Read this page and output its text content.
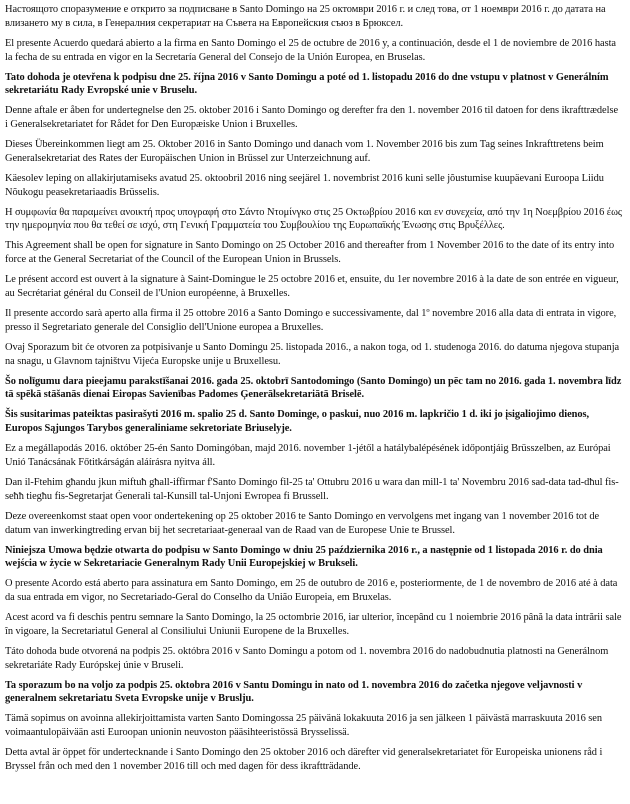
Настоящото споразумение е открито за подписване в Santo Domingo на 25 октомври 2016 г. и след това, от 1 ноември 2016 г. до датата на влизането му в сила, в Генералния секретариат на Съвета на Европейския съюз в Брюксел.

El presente Acuerdo quedará abierto a la firma en Santo Domingo el 25 de octubre de 2016 y, a continuación, desde el 1 de noviembre de 2016 hasta la fecha de su entrada en vigor en la Secretaría General del Consejo de la Unión Europea, en Bruselas.

Tato dohoda je otevřena k podpisu dne 25. října 2016 v Santo Domingu a poté od 1. listopadu 2016 do dne vstupu v platnost v Generálním sekretariátu Rady Evropské unie v Bruselu.

Denne aftale er åben for undertegnelse den 25. oktober 2016 i Santo Domingo og derefter fra den 1. november 2016 til datoen for dens ikrafttrædelse i Generalsekretariatet for Rådet for Den Europæiske Union i Bruxelles.

Dieses Übereinkommen liegt am 25. Oktober 2016 in Santo Domingo und danach vom 1. November 2016 bis zum Tag seines Inkrafttretens beim Generalsekretariat des Rates der Europäischen Union in Brüssel zur Unterzeichnung auf.

Käesolev leping on allakirjutamiseks avatud 25. oktoobril 2016 ning seejärel 1. novembrist 2016 kuni selle jõustumise kuupäevani Euroopa Liidu Nõukogu peasekretariaadis Brüsselis.

Η συμφωνία θα παραμείνει ανοικτή προς υπογραφή στο Σάντο Ντομίνγκο στις 25 Οκτωβρίου 2016 και εν συνεχεία, από την 1η Νοεμβρίου 2016 έως την ημερομηνία που θα τεθεί σε ισχύ, στη Γενική Γραμματεία του Συμβουλίου της Ευρωπαϊκής Ένωσης στις Βρυξέλλες.

This Agreement shall be open for signature in Santo Domingo on 25 October 2016 and thereafter from 1 November 2016 to the date of its entry into force at the General Secretariat of the Council of the European Union in Brussels.

Le présent accord est ouvert à la signature à Saint-Domingue le 25 octobre 2016 et, ensuite, du 1er novembre 2016 à la date de son entrée en vigueur, au Secrétariat général du Conseil de l'Union européenne, à Bruxelles.

Il presente accordo sarà aperto alla firma il 25 ottobre 2016 a Santo Domingo e successivamente, dal 1º novembre 2016 alla data di entrata in vigore, presso il Segretariato generale del Consiglio dell'Unione europea a Bruxelles.

Ovaj Sporazum bit će otvoren za potpisivanje u Santo Domingu 25. listopada 2016., a nakon toga, od 1. studenoga 2016. do datuma njegova stupanja na snagu, u Glavnom tajništvu Vijeća Europske unije u Bruxellesu.

Šo nolīgumu dara pieejamu parakstīšanai 2016. gada 25. oktobrī Santodomingo (Santo Domingo) un pēc tam no 2016. gada 1. novembra līdz tā spēkā stāšanās dienai Eiropas Savienības Padomes Ģenerālsekretariātā Briselē.

Šis susitarimas pateiktas pasirašyti 2016 m. spalio 25 d. Santo Dominge, o paskui, nuo 2016 m. lapkričio 1 d. iki jo įsigaliojimo dienos, Europos Sąjungos Tarybos generaliniame sekretoriate Briuselyje.

Ez a megállapodás 2016. október 25-én Santo Domingóban, majd 2016. november 1-jétől a hatálybalépésének időpontjáig Brüsszelben, az Európai Unió Tanácsának Főtitkárságán aláírásra nyitva áll.

Dan il-Ftehim għandu jkun miftuħ għall-iffirmar f'Santo Domingo fil-25 ta' Ottubru 2016 u wara dan mill-1 ta' Novembru 2016 sad-data tad-dħul fis-seħħ tiegħu fis-Segretarjat Ġenerali tal-Kunsill tal-Unjoni Ewropea fi Brussell.

Deze overeenkomst staat open voor ondertekening op 25 oktober 2016 te Santo Domingo en vervolgens met ingang van 1 november 2016 tot de datum van inwerkingtreding ervan bij het secretariaat-generaal van de Raad van de Europese Unie te Brussel.

Niniejsza Umowa będzie otwarta do podpisu w Santo Domingo w dniu 25 października 2016 r., a następnie od 1 listopada 2016 r. do dnia wejścia w życie w Sekretariacie Generalnym Rady Unii Europejskiej w Brukseli.

O presente Acordo está aberto para assinatura em Santo Domingo, em 25 de outubro de 2016 e, posteriormente, de 1 de novembro de 2016 até à data da sua entrada em vigor, no Secretariado-Geral do Conselho da União Europeia, em Bruxelas.

Acest acord va fi deschis pentru semnare la Santo Domingo, la 25 octombrie 2016, iar ulterior, începând cu 1 noiembrie 2016 până la data intrării sale în vigoare, la Secretariatul General al Consiliului Uniunii Europene de la Bruxelles.

Táto dohoda bude otvorená na podpis 25. októbra 2016 v Santo Domingu a potom od 1. novembra 2016 do nadobudnutia platnosti na Generálnom sekretariáte Rady Európskej únie v Bruseli.

Ta sporazum bo na voljo za podpis 25. oktobra 2016 v Santu Domingu in nato od 1. novembra 2016 do začetka njegove veljavnosti v generalnem sekretariatu Sveta Evropske unije v Bruslju.

Tämä sopimus on avoinna allekirjoittamista varten Santo Domingossa 25 päivänä lokakuuta 2016 ja sen jälkeen 1 päivästä marraskuuta 2016 sen voimaantulopäivään asti Euroopan unionin neuvoston pääsihteeristössä Brysselissä.

Detta avtal är öppet för undertecknande i Santo Domingo den 25 oktober 2016 och därefter vid generalsekretariatet för Europeiska unionens råd i Bryssel från och med den 1 november 2016 till och med dagen för dess ikraftträdande.
